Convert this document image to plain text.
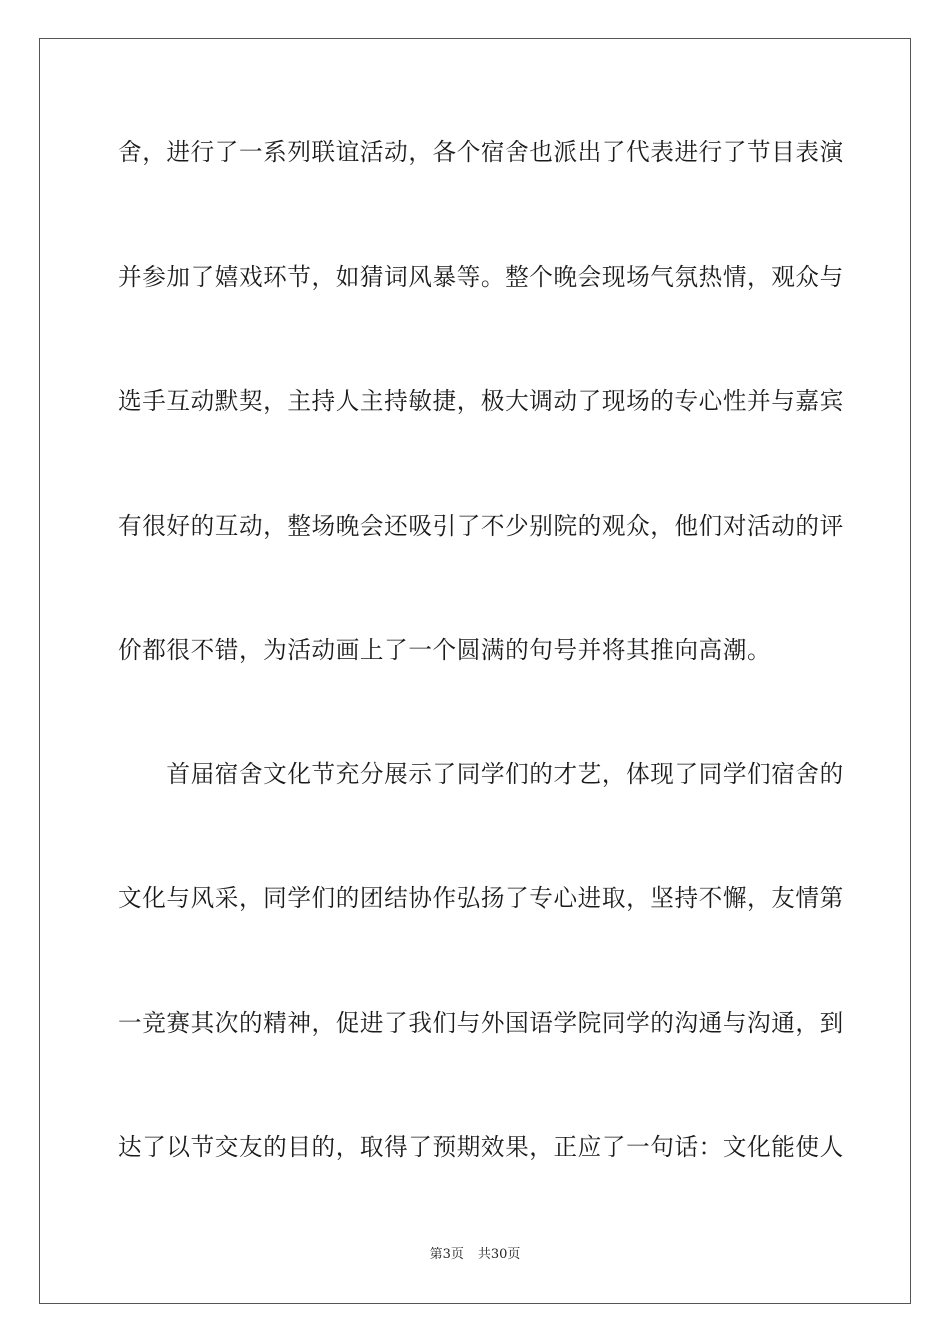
舍，进行了一系列联谊活动，各个宿舍也派出了代表进行了节目表演
并参加了嬉戏环节，如猜词风暴等。整个晚会现场气氛热情，观众与
选手互动默契，主持人主持敏捷，极大调动了现场的专心性并与嘉宾
有很好的互动，整场晚会还吸引了不少别院的观众，他们对活动的评
价都很不错，为活动画上了一个圆满的句号并将其推向高潮。
　　首届宿舍文化节充分展示了同学们的才艺，体现了同学们宿舍的
文化与风采，同学们的团结协作弘扬了专心进取，坚持不懈，友情第
一竞赛其次的精神，促进了我们与外国语学院同学的沟通与沟通，到
达了以节交友的目的，取得了预期效果，正应了一句话：文化能使人
第3页 共30页
